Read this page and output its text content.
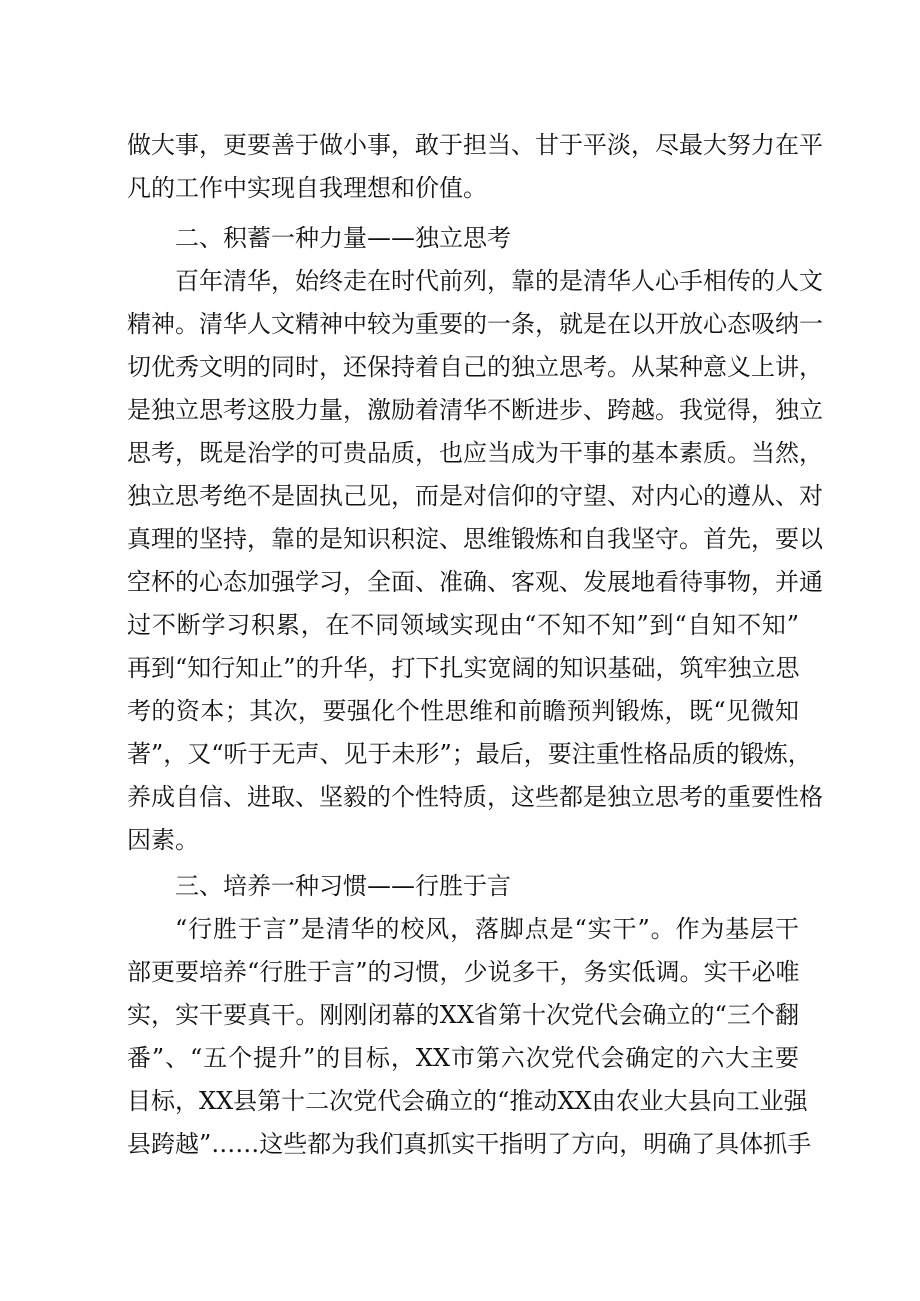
做大事，更要善于做小事，敢于担当、甘于平淡，尽最大努力在平

凡的工作中实现自我理想和价值。

二、积蓄一种力量——独立思考

百年清华，始终走在时代前列，靠的是清华人心手相传的人文

精神。清华人文精神中较为重要的一条，就是在以开放心态吸纳一

切优秀文明的同时，还保持着自己的独立思考。从某种意义上讲，

是独立思考这股力量，激励着清华不断进步、跨越。我觉得，独立

思考，既是治学的可贵品质，也应当成为干事的基本素质。当然，

独立思考绝不是固执己见，而是对信仰的守望、对内心的遵从、对

真理的坚持，靠的是知识积淀、思维锻炼和自我坚守。首先，要以

空杯的心态加强学习，全面、准确、客观、发展地看待事物，并通

过不断学习积累，在不同领域实现由“不知不知”到“自知不知”

再到“知行知止”的升华，打下扎实宽阔的知识基础，筑牢独立思

考的资本；其次，要强化个性思维和前瞻预判锻炼，既“见微知

著”，又“听于无声、见于未形”；最后，要注重性格品质的锻炼，

养成自信、进取、坚毅的个性特质，这些都是独立思考的重要性格

因素。

三、培养一种习惯——行胜于言

“行胜于言”是清华的校风，落脚点是“实干”。作为基层干

部更要培养“行胜于言”的习惯，少说多干，务实低调。实干必唯

实，实干要真干。刚刚闭幕的XX省第十次党代会确立的“三个翻

番”、“五个提升”的目标，XX市第六次党代会确定的六大主要

目标，XX县第十二次党代会确立的“推动XX由农业大县向工业强

县跨越”……这些都为我们真抓实干指明了方向，明确了具体抓手
